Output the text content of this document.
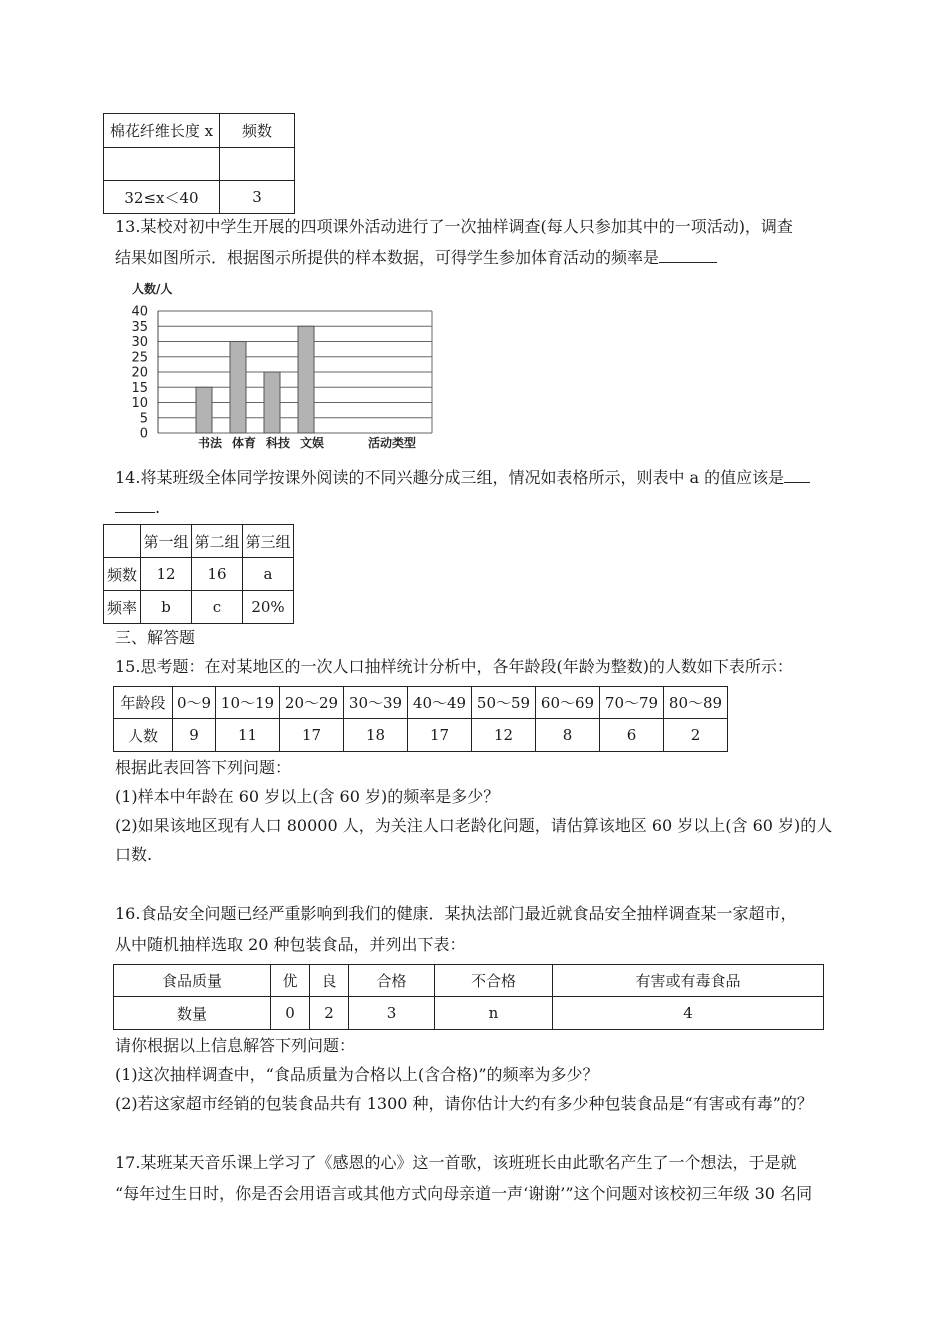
棉花纤维长度 x	频数

32≤x＜40	3
13.某校对初中学生开展的四项课外活动进行了一次抽样调查(每人只参加其中的一项活动)，调查
结果如图所示．根据图示所提供的样本数据，可得学生参加体育活动的频率是
人数/人
0
5
10
15
20
25
30
35
40
书法 体育 科技 文娱	活动类型
14.将某班级全体同学按课外阅读的不同兴趣分成三组，情况如表格所示，则表中 a 的值应该是
.
	第一组	第二组	第三组
频数	12	16	a
频率	b	c	20%
三、解答题
15.思考题：在对某地区的一次人口抽样统计分析中，各年龄段(年龄为整数)的人数如下表所示：
年龄段	0～9	10～19	20～29	30～39	40～49	50～59	60～69	70～79	80～89
人数	9	11	17	18	17	12	8	6	2
根据此表回答下列问题：
(1)样本中年龄在 60 岁以上(含 60 岁)的频率是多少？
(2)如果该地区现有人口 80000 人，为关注人口老龄化问题，请估算该地区 60 岁以上(含 60 岁)的人
口数.
16.食品安全问题已经严重影响到我们的健康．某执法部门最近就食品安全抽样调查某一家超市，
从中随机抽样选取 20 种包装食品，并列出下表：
食品质量	优	良	合格	不合格	有害或有毒食品
数量	0	2	3	n	4
请你根据以上信息解答下列问题：
(1)这次抽样调查中，“食品质量为合格以上(含合格)”的频率为多少？
(2)若这家超市经销的包装食品共有 1300 种，请你估计大约有多少种包装食品是“有害或有毒”的？
17.某班某天音乐课上学习了《感恩的心》这一首歌，该班班长由此歌名产生了一个想法，于是就
“每年过生日时，你是否会用语言或其他方式向母亲道一声‘谢谢’”这个问题对该校初三年级 30 名同
